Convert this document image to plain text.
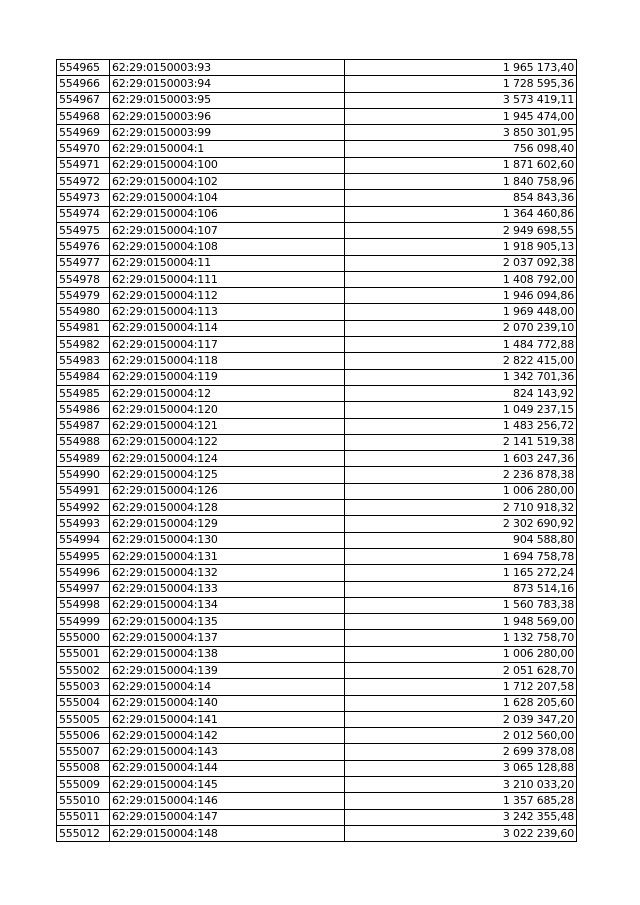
554965	62:29:0150003:93	1 965 173,40
554966	62:29:0150003:94	1 728 595,36
554967	62:29:0150003:95	3 573 419,11
554968	62:29:0150003:96	1 945 474,00
554969	62:29:0150003:99	3 850 301,95
554970	62:29:0150004:1	756 098,40
554971	62:29:0150004:100	1 871 602,60
554972	62:29:0150004:102	1 840 758,96
554973	62:29:0150004:104	854 843,36
554974	62:29:0150004:106	1 364 460,86
554975	62:29:0150004:107	2 949 698,55
554976	62:29:0150004:108	1 918 905,13
554977	62:29:0150004:11	2 037 092,38
554978	62:29:0150004:111	1 408 792,00
554979	62:29:0150004:112	1 946 094,86
554980	62:29:0150004:113	1 969 448,00
554981	62:29:0150004:114	2 070 239,10
554982	62:29:0150004:117	1 484 772,88
554983	62:29:0150004:118	2 822 415,00
554984	62:29:0150004:119	1 342 701,36
554985	62:29:0150004:12	824 143,92
554986	62:29:0150004:120	1 049 237,15
554987	62:29:0150004:121	1 483 256,72
554988	62:29:0150004:122	2 141 519,38
554989	62:29:0150004:124	1 603 247,36
554990	62:29:0150004:125	2 236 878,38
554991	62:29:0150004:126	1 006 280,00
554992	62:29:0150004:128	2 710 918,32
554993	62:29:0150004:129	2 302 690,92
554994	62:29:0150004:130	904 588,80
554995	62:29:0150004:131	1 694 758,78
554996	62:29:0150004:132	1 165 272,24
554997	62:29:0150004:133	873 514,16
554998	62:29:0150004:134	1 560 783,38
554999	62:29:0150004:135	1 948 569,00
555000	62:29:0150004:137	1 132 758,70
555001	62:29:0150004:138	1 006 280,00
555002	62:29:0150004:139	2 051 628,70
555003	62:29:0150004:14	1 712 207,58
555004	62:29:0150004:140	1 628 205,60
555005	62:29:0150004:141	2 039 347,20
555006	62:29:0150004:142	2 012 560,00
555007	62:29:0150004:143	2 699 378,08
555008	62:29:0150004:144	3 065 128,88
555009	62:29:0150004:145	3 210 033,20
555010	62:29:0150004:146	1 357 685,28
555011	62:29:0150004:147	3 242 355,48
555012	62:29:0150004:148	3 022 239,60
